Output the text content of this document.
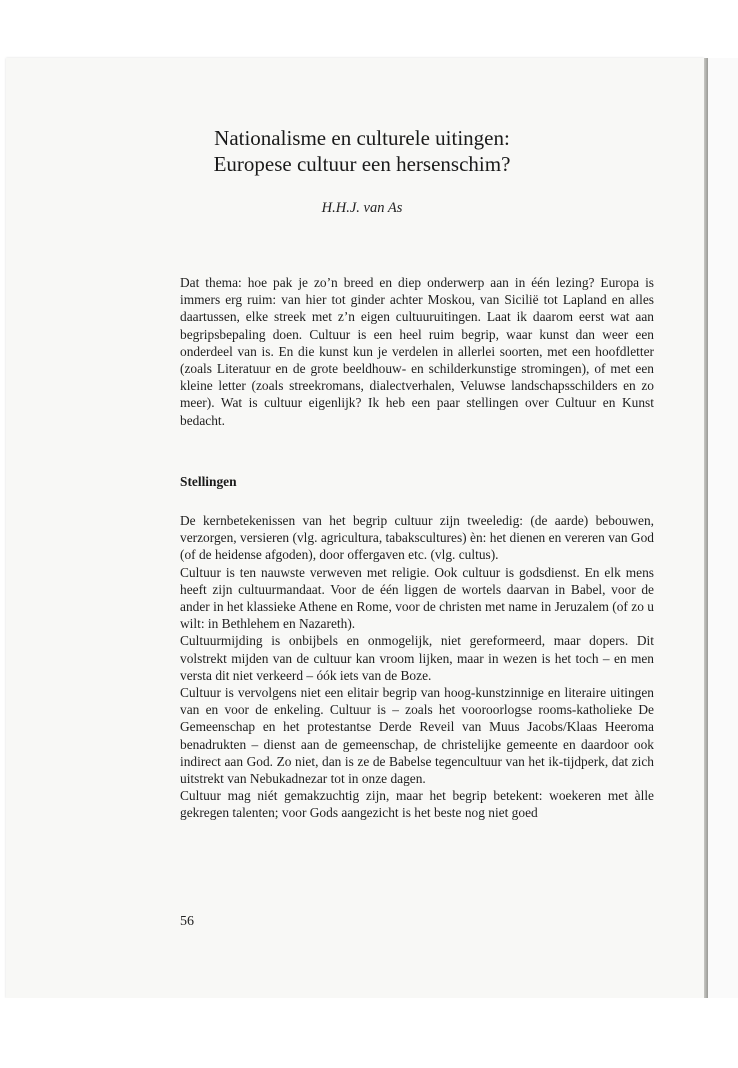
Nationalisme en culturele uitingen:
Europese cultuur een hersenschim?
H.H.J. van As

Dat thema: hoe pak je zo’n breed en diep onderwerp aan in één lezing? Europa is immers erg ruim: van hier tot ginder achter Moskou, van Sicilië tot Lapland en alles daartussen, elke streek met z’n eigen cultuuruitingen. Laat ik daarom eerst wat aan begripsbepaling doen. Cultuur is een heel ruim begrip, waar kunst dan weer een onderdeel van is. En die kunst kun je verdelen in allerlei soorten, met een hoofdletter (zoals Literatuur en de grote beeldhouw- en schilderkunstige stromingen), of met een kleine letter (zoals streekromans, dialectverhalen, Veluwse landschapsschilders en zo meer). Wat is cultuur eigenlijk? Ik heb een paar stellingen over Cultuur en Kunst bedacht.

Stellingen

De kernbetekenissen van het begrip cultuur zijn tweeledig: (de aarde) bebouwen, verzorgen, versieren (vlg. agricultura, tabakscultures) èn: het dienen en vereren van God (of de heidense afgoden), door offergaven etc. (vlg. cultus).

Cultuur is ten nauwste verweven met religie. Ook cultuur is godsdienst. En elk mens heeft zijn cultuurmandaat. Voor de één liggen de wortels daarvan in Babel, voor de ander in het klassieke Athene en Rome, voor de christen met name in Jeruzalem (of zo u wilt: in Bethlehem en Nazareth).

Cultuurmijding is onbijbels en onmogelijk, niet gereformeerd, maar dopers. Dit volstrekt mijden van de cultuur kan vroom lijken, maar in wezen is het toch – en men versta dit niet verkeerd – óók iets van de Boze.

Cultuur is vervolgens niet een elitair begrip van hoog-kunstzinnige en literaire uitingen van en voor de enkeling. Cultuur is – zoals het vooroorlogse rooms-katholieke De Gemeenschap en het protestantse Derde Reveil van Muus Jacobs/Klaas Heeroma benadrukten – dienst aan de gemeenschap, de christelijke gemeente en daardoor ook indirect aan God. Zo niet, dan is ze de Babelse tegencultuur van het ik-tijdperk, dat zich uitstrekt van Nebukadnezar tot in onze dagen.

Cultuur mag niét gemakzuchtig zijn, maar het begrip betekent: woekeren met àlle gekregen talenten; voor Gods aangezicht is het beste nog niet goed

56
